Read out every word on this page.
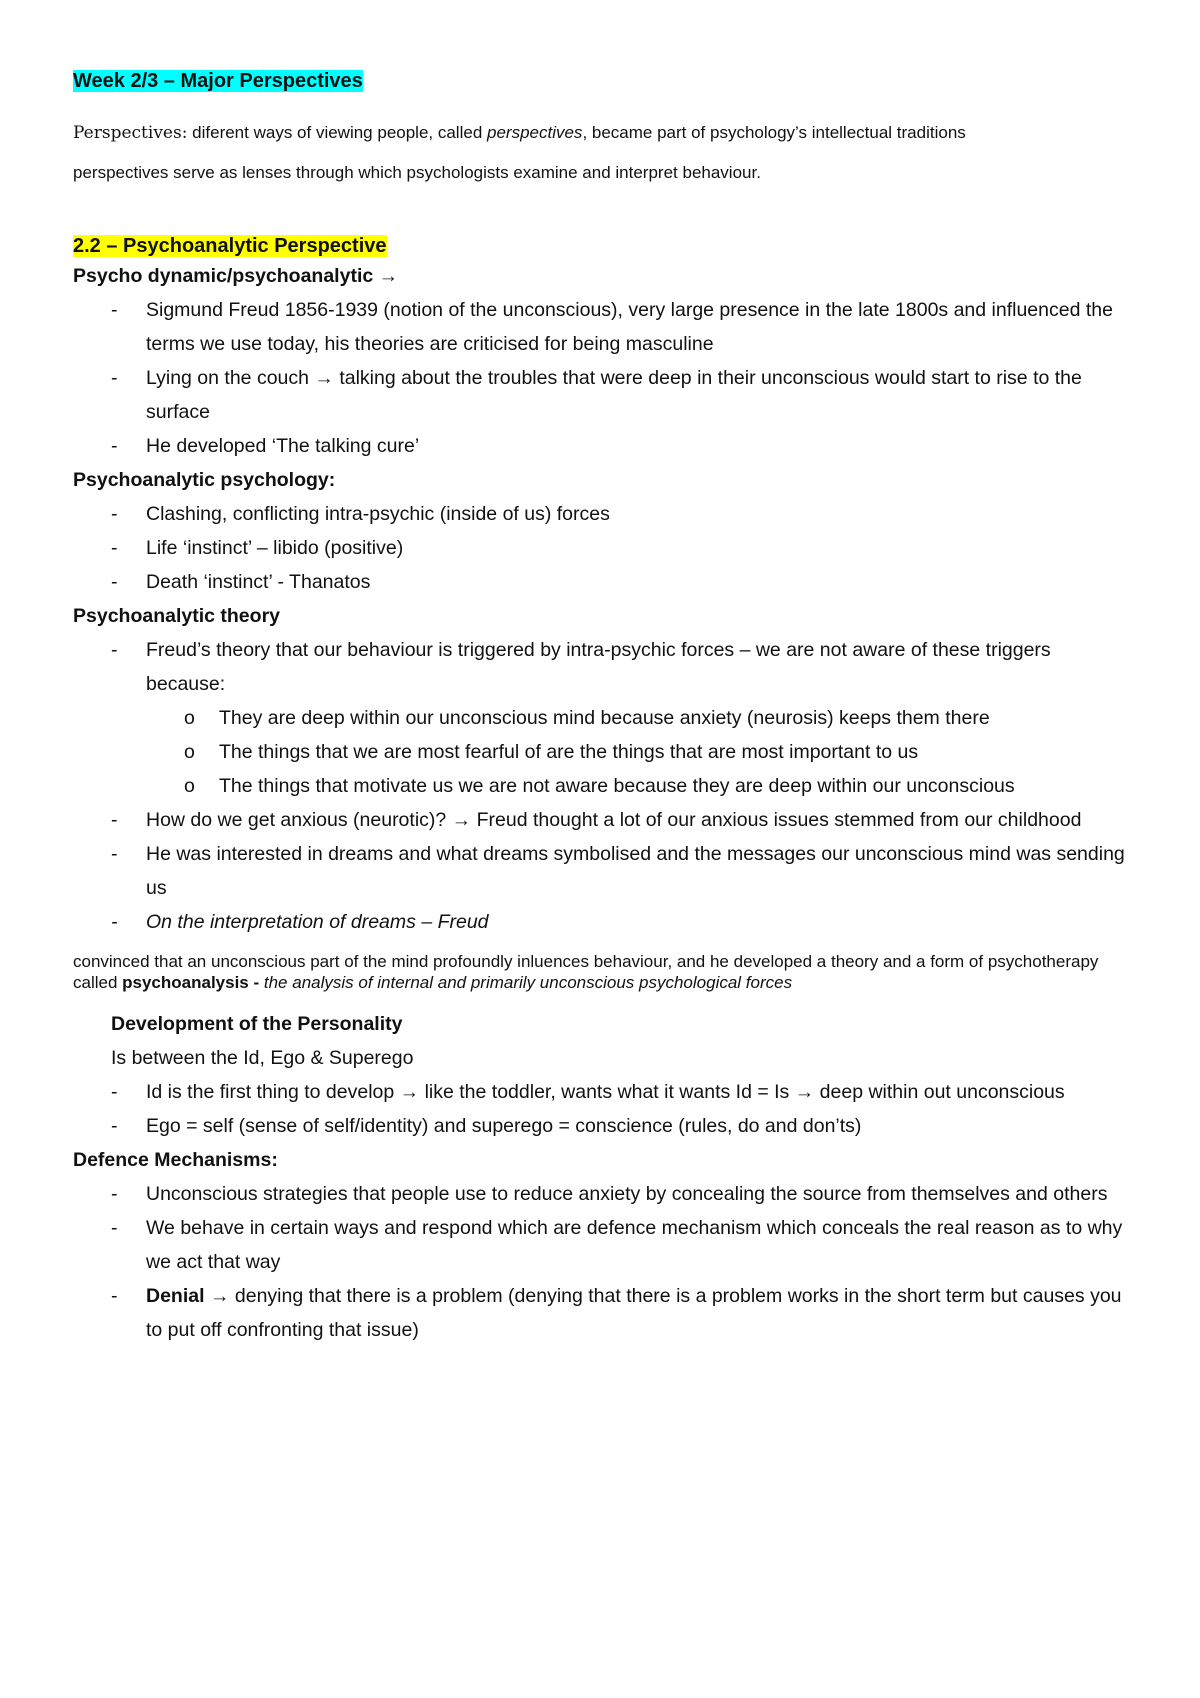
Week 2/3 – Major Perspectives

Perspectives: diferent ways of viewing people, called perspectives, became part of psychology’s intellectual traditions

perspectives serve as lenses through which psychologists examine and interpret behaviour.

2.2 – Psychoanalytic Perspective
Psycho dynamic/psychoanalytic →
- Sigmund Freud 1856-1939 (notion of the unconscious), very large presence in the late 1800s and influenced the terms we use today, his theories are criticised for being masculine
- Lying on the couch → talking about the troubles that were deep in their unconscious would start to rise to the surface
- He developed ‘The talking cure’
Psychoanalytic psychology:
- Clashing, conflicting intra-psychic (inside of us) forces
- Life ‘instinct’ – libido (positive)
- Death ‘instinct’ - Thanatos
Psychoanalytic theory
- Freud’s theory that our behaviour is triggered by intra-psychic forces – we are not aware of these triggers because:
o They are deep within our unconscious mind because anxiety (neurosis) keeps them there
o The things that we are most fearful of are the things that are most important to us
o The things that motivate us we are not aware because they are deep within our unconscious
- How do we get anxious (neurotic)? → Freud thought a lot of our anxious issues stemmed from our childhood
- He was interested in dreams and what dreams symbolised and the messages our unconscious mind was sending us
- On the interpretation of dreams – Freud

convinced that an unconscious part of the mind profoundly inluences behaviour, and he developed a theory and a form of psychotherapy called psychoanalysis - the analysis of internal and primarily unconscious psychological forces

Development of the Personality
Is between the Id, Ego & Superego
- Id is the first thing to develop → like the toddler, wants what it wants Id = Is → deep within out unconscious
- Ego = self (sense of self/identity) and superego = conscience (rules, do and don’ts)
Defence Mechanisms:
- Unconscious strategies that people use to reduce anxiety by concealing the source from themselves and others
- We behave in certain ways and respond which are defence mechanism which conceals the real reason as to why we act that way
- Denial → denying that there is a problem (denying that there is a problem works in the short term but causes you to put off confronting that issue)
